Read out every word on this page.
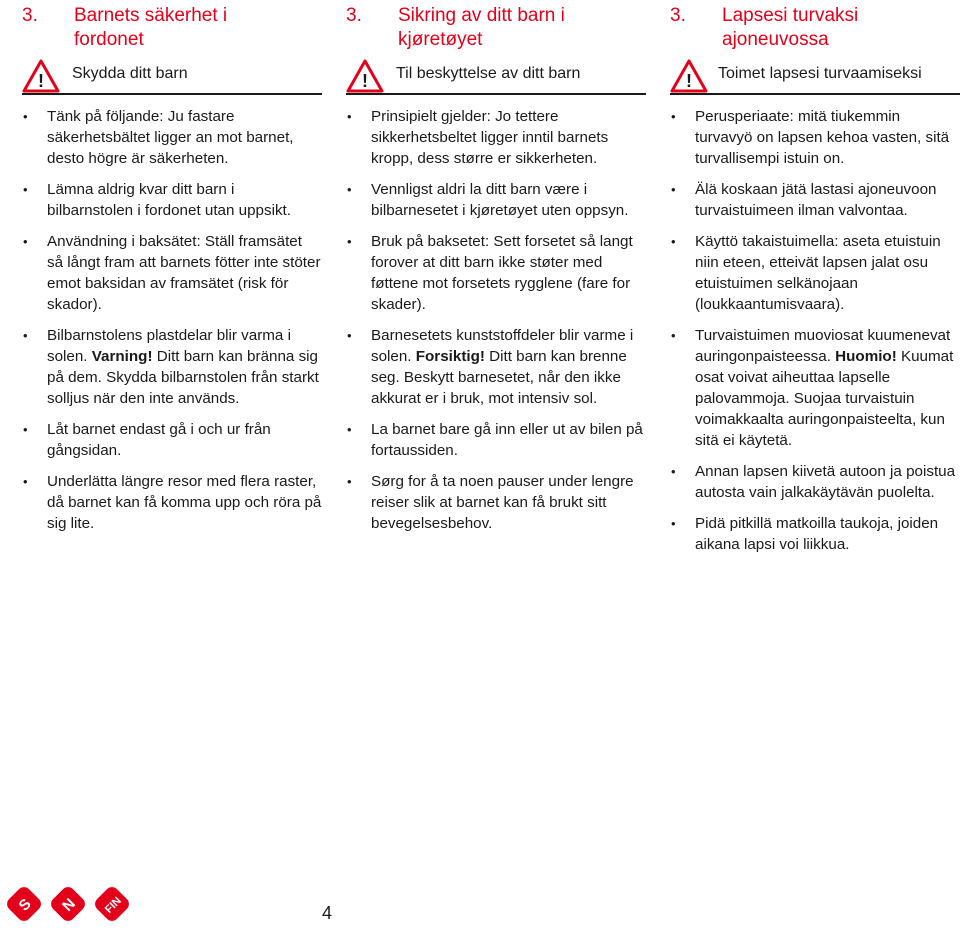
3. Barnets säkerhet i
fordonet
! Skydda ditt barn
• Tänk på följande: Ju fastare säkerhetsbältet ligger an mot barnet, desto högre är säkerheten.
• Lämna aldrig kvar ditt barn i bilbarnstolen i fordonet utan uppsikt.
• Användning i baksätet: Ställ framsätet så långt fram att barnets fötter inte stöter emot baksidan av framsätet (risk för skador).
• Bilbarnstolens plastdelar blir varma i solen. Varning! Ditt barn kan bränna sig på dem. Skydda bilbarnstolen från starkt solljus när den inte används.
• Låt barnet endast gå i och ur från gångsidan.
• Underlätta längre resor med flera raster, då barnet kan få komma upp och röra på sig lite.
3. Sikring av ditt barn i
kjøretøyet
! Til beskyttelse av ditt barn
• Prinsipielt gjelder: Jo tettere sikkerhetsbeltet ligger inntil barnets kropp, dess større er sikkerheten.
• Vennligst aldri la ditt barn være i bilbarnesetet i kjøretøyet uten oppsyn.
• Bruk på baksetet: Sett forsetet så langt forover at ditt barn ikke støter med føttene mot forsetets rygglene (fare for skader).
• Barnesetets kunststoffdeler blir varme i solen. Forsiktig! Ditt barn kan brenne seg. Beskytt barnesetet, når den ikke akkurat er i bruk, mot intensiv sol.
• La barnet bare gå inn eller ut av bilen på fortaussiden.
• Sørg for å ta noen pauser under lengre reiser slik at barnet kan få brukt sitt bevegelsesbehov.
3. Lapsesi turvaksi
ajoneuvossa
! Toimet lapsesi turvaamiseksi
• Perusperiaate: mitä tiukemmin turvavyö on lapsen kehoa vasten, sitä turvallisempi istuin on.
• Älä koskaan jätä lastasi ajoneuvoon turvaistuimeen ilman valvontaa.
• Käyttö takaistuimella: aseta etuistuin niin eteen, etteivät lapsen jalat osu etuistuimen selkänojaan (loukkaantumisvaara).
• Turvaistuimen muoviosat kuumenevat auringonpaisteessa. Huomio! Kuumat osat voivat aiheuttaa lapselle palovammoja. Suojaa turvaistuin voimakkaalta auringonpaisteelta, kun sitä ei käytetä.
• Annan lapsen kiivetä autoon ja poistua autosta vain jalkakäytävän puolelta.
• Pidä pitkillä matkoilla taukoja, joiden aikana lapsi voi liikkua.
S N FIN	4
